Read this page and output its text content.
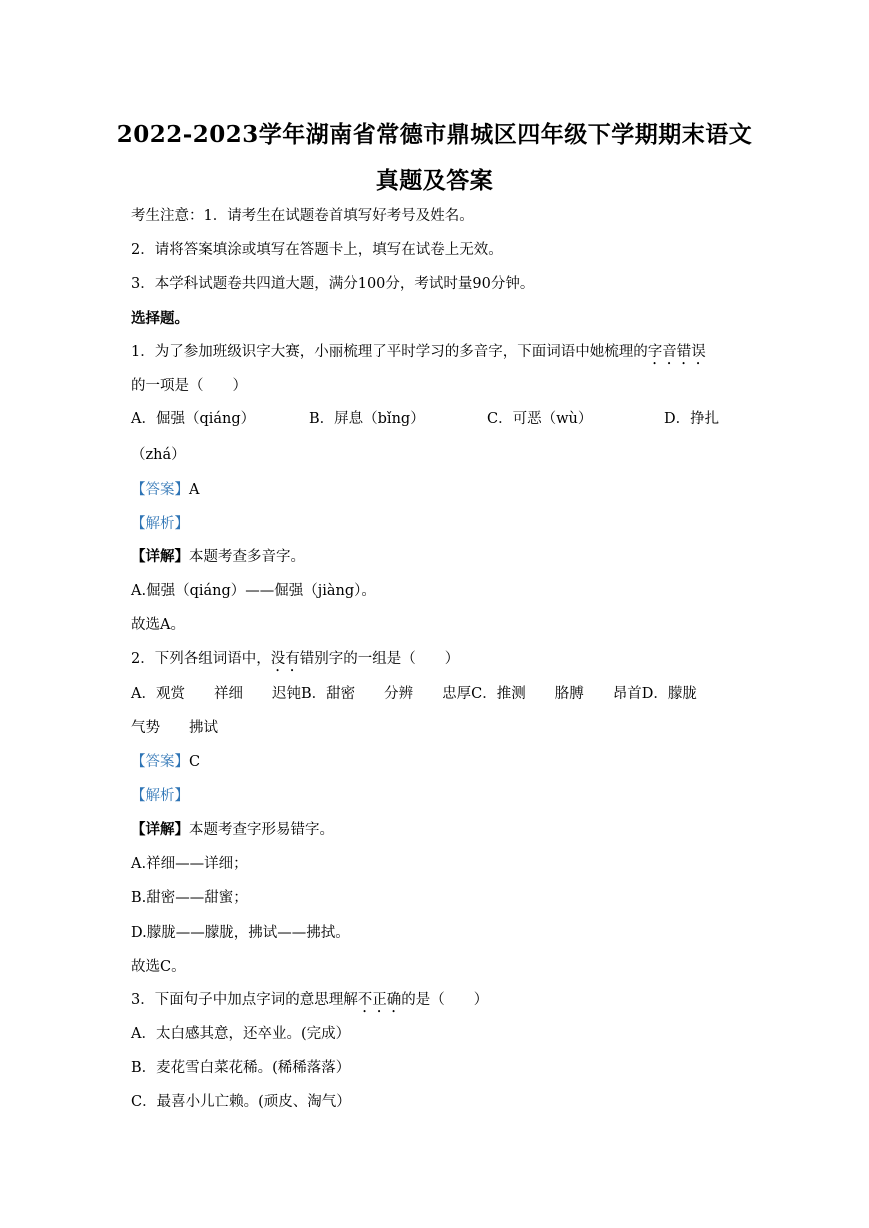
2022-2023学年湖南省常德市鼎城区四年级下学期期末语文
真题及答案
考生注意：1．请考生在试题卷首填写好考号及姓名。
2．请将答案填涂或填写在答题卡上，填写在试卷上无效。
3．本学科试题卷共四道大题，满分100分，考试时量90分钟。
选择题。
1．为了参加班级识字大赛，小丽梳理了平时学习的多音字，下面词语中她梳理的字音错误
的一项是（　　）
A．倔强（qiáng）	B．屏息（bǐng）	C．可恶（wù）	D．挣扎
（zhá）
【答案】A
【解析】
【详解】本题考查多音字。
A.倔强（qiáng）——倔强（jiàng）。
故选A。
2．下列各组词语中，没有错别字的一组是（　　）
A．观赏　　祥细　　迟钝B．甜密　　分辨　　忠厚C．推测　　胳膊　　昂首D．朦胧
气势　　拂试
【答案】C
【解析】
【详解】本题考查字形易错字。
A.祥细——详细；
B.甜密——甜蜜；
D.朦胧——朦胧，拂试——拂拭。
故选C。
3．下面句子中加点字词的意思理解不正确的是（　　）
A．太白感其意，还卒业。(完成）
B．麦花雪白菜花稀。(稀稀落落）
C．最喜小儿亡赖。(顽皮、淘气）
